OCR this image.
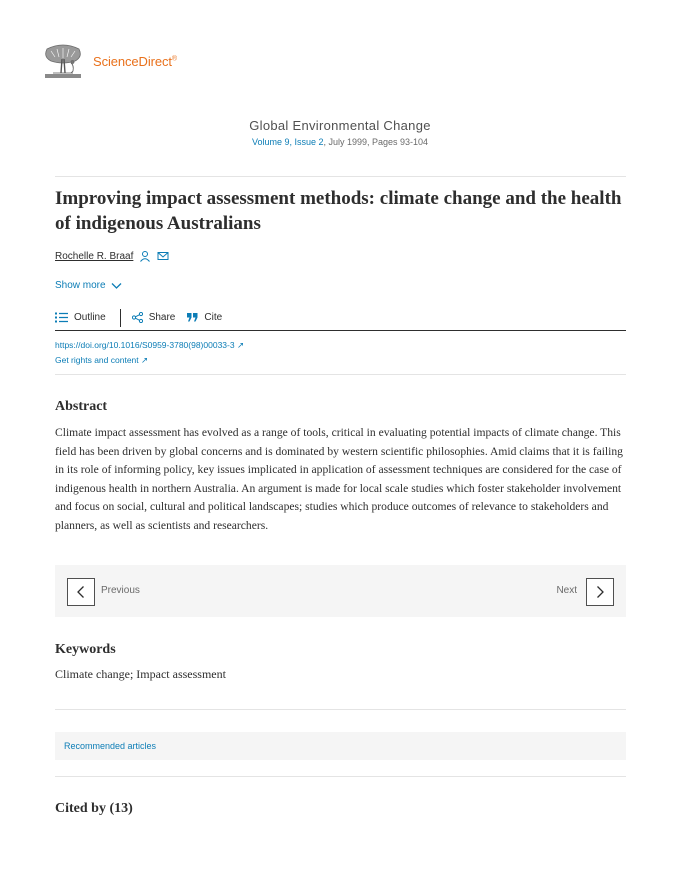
ScienceDirect®
Global Environmental Change
Volume 9, Issue 2, July 1999, Pages 93-104
Improving impact assessment methods: climate change and the health of indigenous Australians
Rochelle R. Braaf
Show more
Outline	Share	Cite
https://doi.org/10.1016/S0959-3780(98)00033-3 ↗
Get rights and content ↗
Abstract

Climate impact assessment has evolved as a range of tools, critical in evaluating potential impacts of climate change. This field has been driven by global concerns and is dominated by western scientific philosophies. Amid claims that it is failing in its role of informing policy, key issues implicated in application of assessment techniques are considered for the case of indigenous health in northern Australia. An argument is made for local scale studies which foster stakeholder involvement and focus on social, cultural and political landscapes; studies which produce outcomes of relevance to stakeholders and planners, as well as scientists and researchers.

Previous	Next
Keywords
Climate change; Impact assessment
Recommended articles
Cited by (13)
